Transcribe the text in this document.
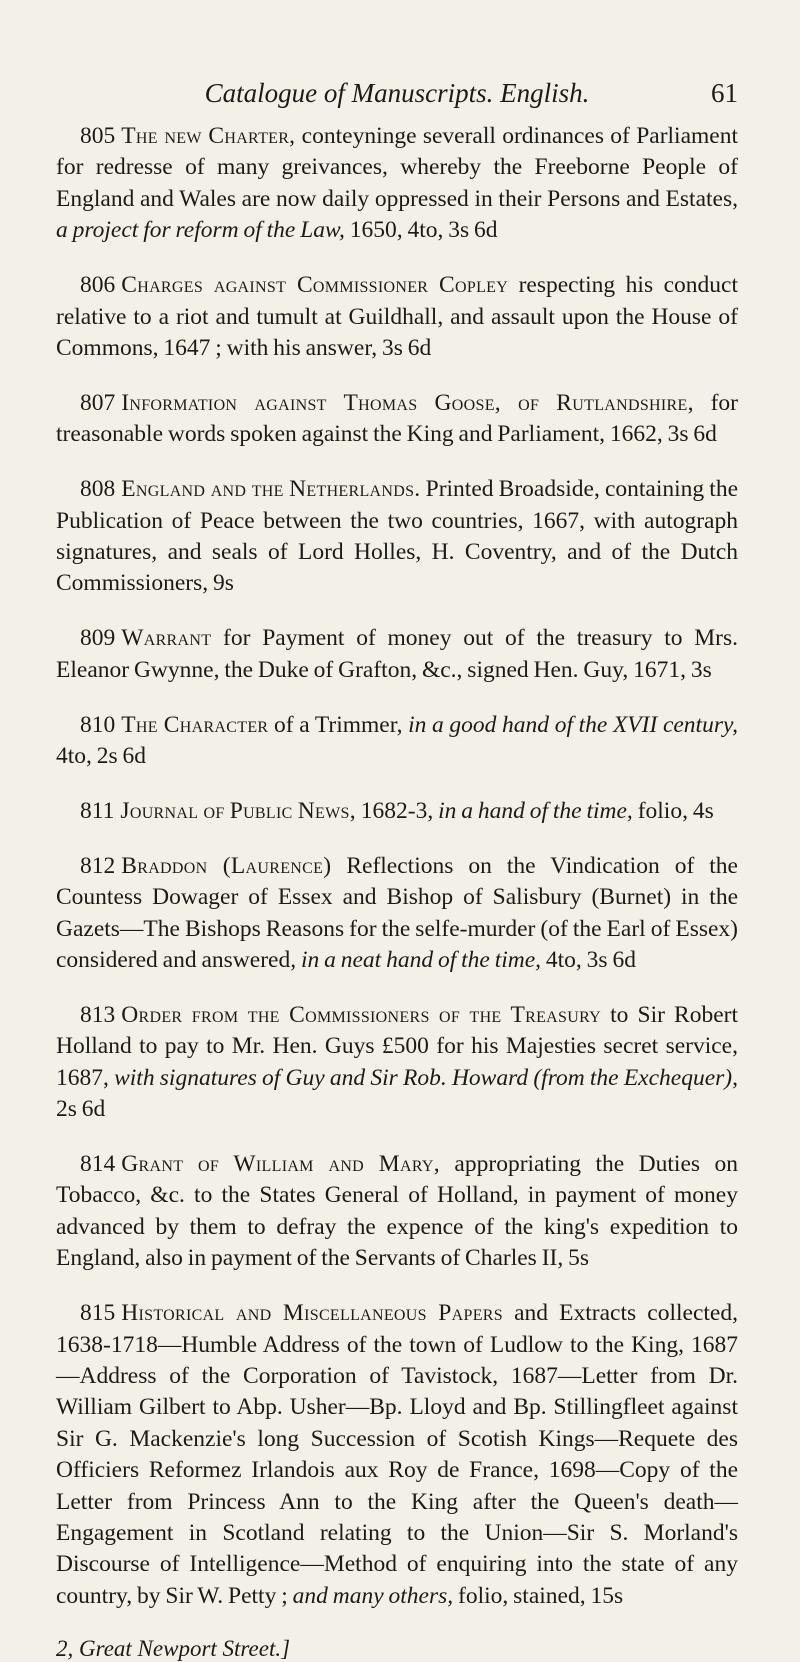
Catalogue of Manuscripts. English.	61

805 The new Charter, conteyninge severall ordinances of Parliament for redresse of many greivances, whereby the Freeborne People of England and Wales are now daily oppressed in their Persons and Estates, a project for reform of the Law, 1650, 4to, 3s 6d

806 Charges against Commissioner Copley respecting his conduct relative to a riot and tumult at Guildhall, and assault upon the House of Commons, 1647 ; with his answer, 3s 6d

807 Information against Thomas Goose, of Rutlandshire, for treasonable words spoken against the King and Parliament, 1662, 3s 6d

808 England and the Netherlands. Printed Broadside, containing the Publication of Peace between the two countries, 1667, with autograph signatures, and seals of Lord Holles, H. Coventry, and of the Dutch Commissioners, 9s

809 Warrant for Payment of money out of the treasury to Mrs. Eleanor Gwynne, the Duke of Grafton, &c., signed Hen. Guy, 1671, 3s

810 The Character of a Trimmer, in a good hand of the XVII century, 4to, 2s 6d

811 Journal of Public News, 1682-3, in a hand of the time, folio, 4s

812 Braddon (Laurence) Reflections on the Vindication of the Countess Dowager of Essex and Bishop of Salisbury (Burnet) in the Gazets—The Bishops Reasons for the selfe-murder (of the Earl of Essex) considered and answered, in a neat hand of the time, 4to, 3s 6d

813 Order from the Commissioners of the Treasury to Sir Robert Holland to pay to Mr. Hen. Guys £500 for his Majesties secret service, 1687, with signatures of Guy and Sir Rob. Howard (from the Exchequer), 2s 6d

814 Grant of William and Mary, appropriating the Duties on Tobacco, &c. to the States General of Holland, in payment of money advanced by them to defray the expence of the king's expedition to England, also in payment of the Servants of Charles II, 5s

815 Historical and Miscellaneous Papers and Extracts collected, 1638-1718—Humble Address of the town of Ludlow to the King, 1687—Address of the Corporation of Tavistock, 1687—Letter from Dr. William Gilbert to Abp. Usher—Bp. Lloyd and Bp. Stillingfleet against Sir G. Mackenzie's long Succession of Scotish Kings—Requete des Officiers Reformez Irlandois aux Roy de France, 1698—Copy of the Letter from Princess Ann to the King after the Queen's death—Engagement in Scotland relating to the Union—Sir S. Morland's Discourse of Intelligence—Method of enquiring into the state of any country, by Sir W. Petty ; and many others, folio, stained, 15s

2, Great Newport Street.]
